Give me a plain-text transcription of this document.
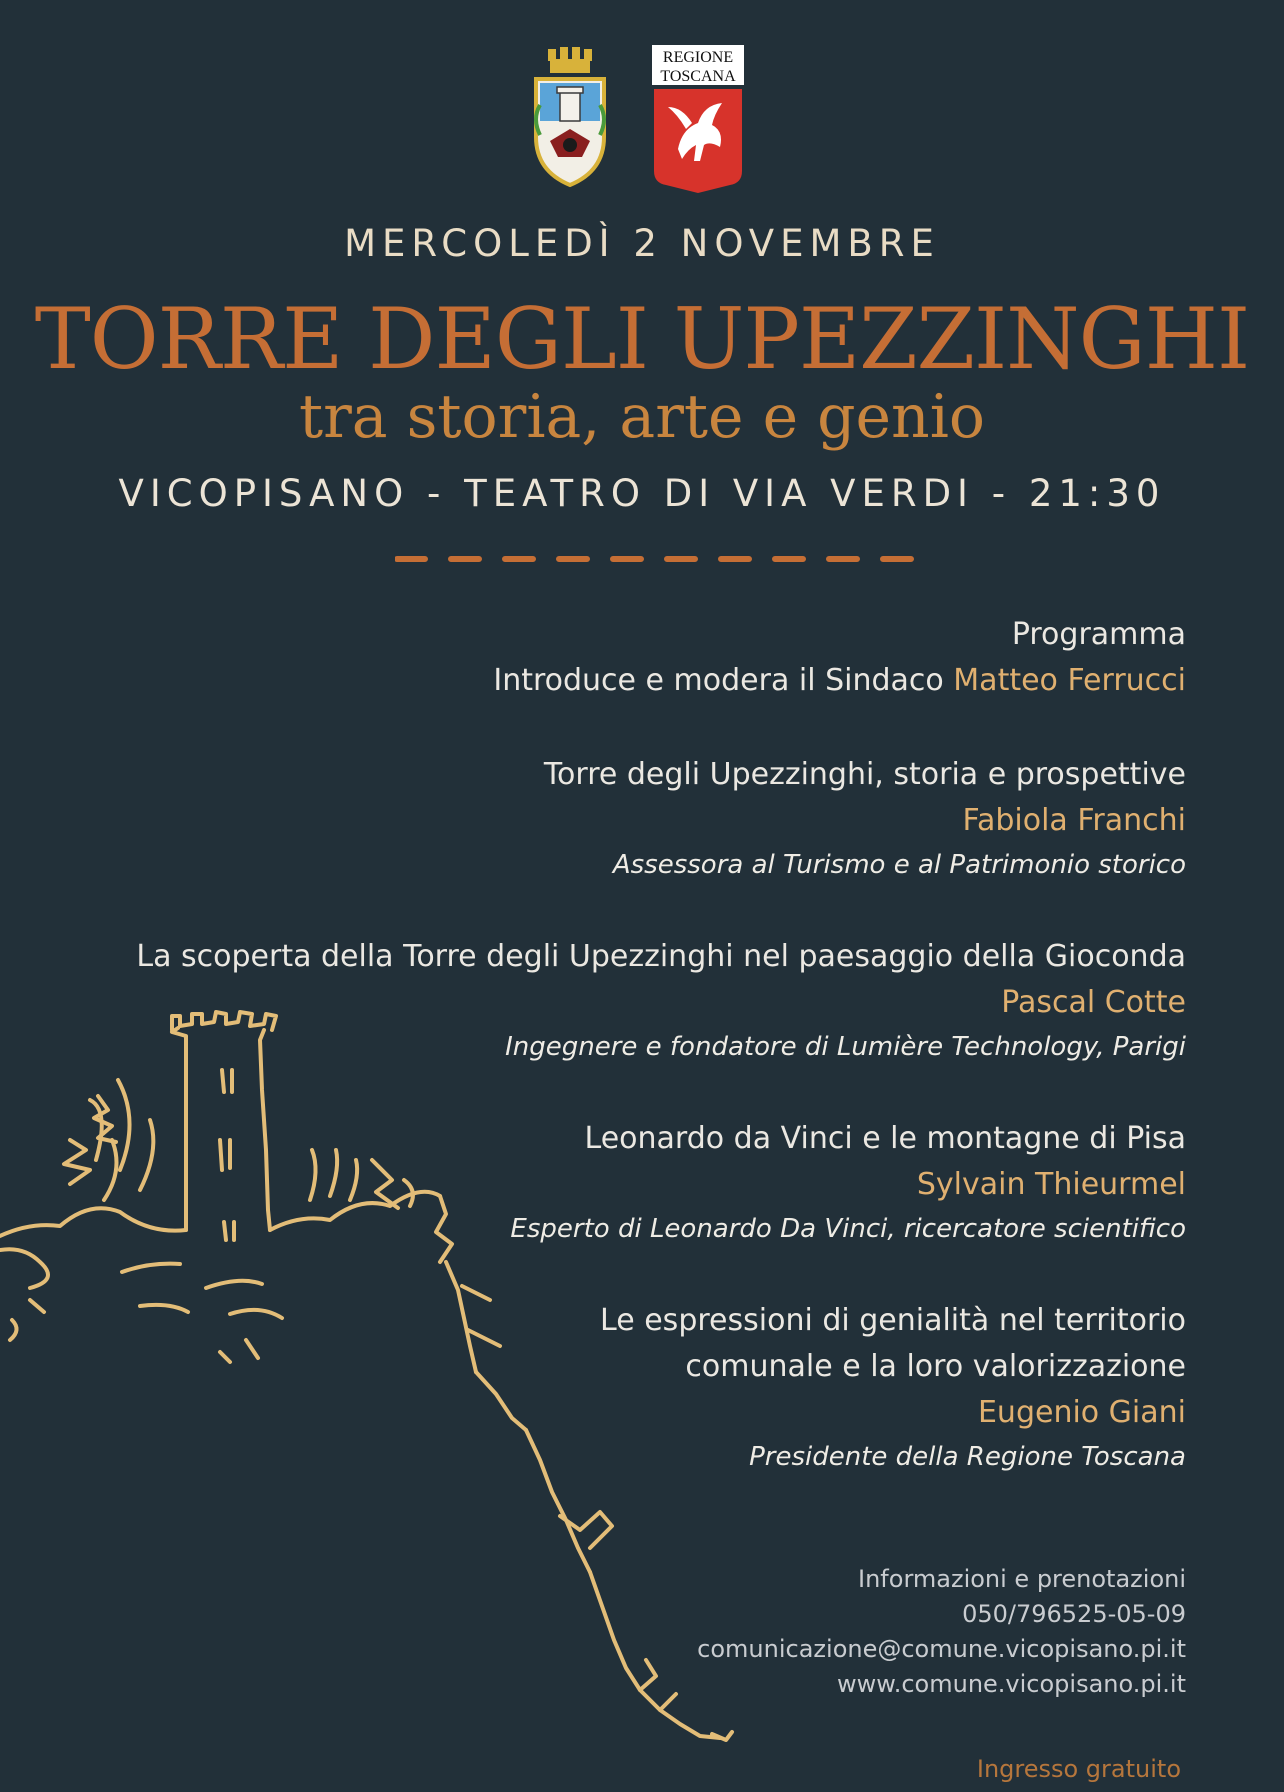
REGIONE
TOSCANA
MERCOLEDÌ 2 NOVEMBRE
TORRE DEGLI UPEZZINGHI
tra storia, arte e genio
VICOPISANO - TEATRO DI VIA VERDI - 21:30
Programma
Introduce e modera il Sindaco Matteo Ferrucci
Torre degli Upezzinghi, storia e prospettive
Fabiola Franchi
Assessora al Turismo e al Patrimonio storico
La scoperta della Torre degli Upezzinghi nel paesaggio della Gioconda
Pascal Cotte
Ingegnere e fondatore di Lumière Technology, Parigi
Leonardo da Vinci e le montagne di Pisa
Sylvain Thieurmel
Esperto di Leonardo Da Vinci, ricercatore scientifico
Le espressioni di genialità nel territorio
comunale e la loro valorizzazione
Eugenio Giani
Presidente della Regione Toscana
Informazioni e prenotazioni
050/796525-05-09
comunicazione@comune.vicopisano.pi.it
www.comune.vicopisano.pi.it
Ingresso gratuito
